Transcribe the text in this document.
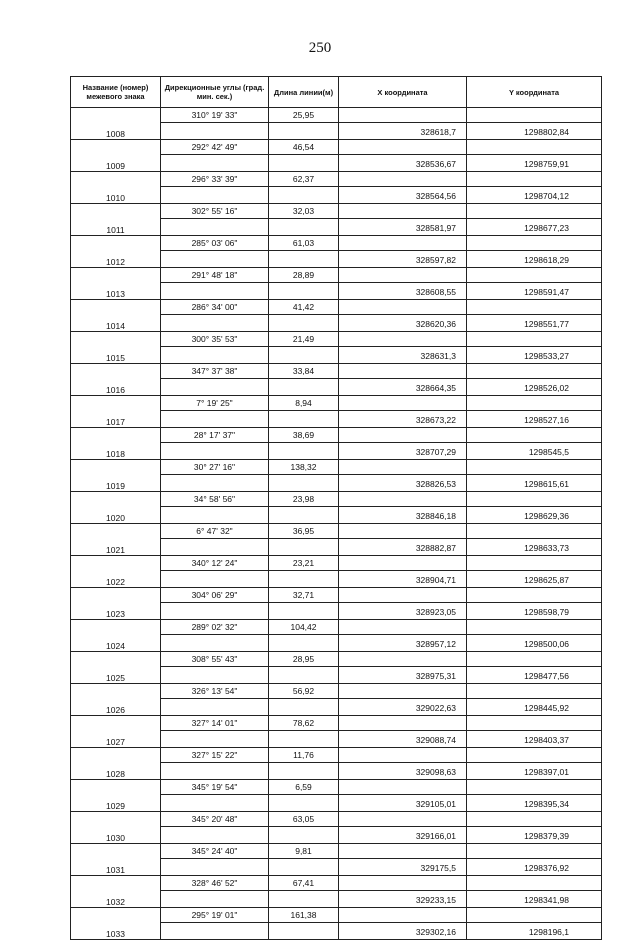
250
Название (номер) межевого знака	Дирекционные углы (град. мин. сек.)	Длина линии(м)	X координата	Y координата
1008	310° 19' 33"	25,95		
			328618,7	1298802,84
1009	292° 42' 49"	46,54		
			328536,67	1298759,91
1010	296° 33' 39"	62,37		
			328564,56	1298704,12
1011	302° 55' 16"	32,03		
			328581,97	1298677,23
1012	285° 03' 06"	61,03		
			328597,82	1298618,29
1013	291° 48' 18"	28,89		
			328608,55	1298591,47
1014	286° 34' 00"	41,42		
			328620,36	1298551,77
1015	300° 35' 53"	21,49		
			328631,3	1298533,27
1016	347° 37' 38"	33,84		
			328664,35	1298526,02
1017	7° 19' 25"	8,94		
			328673,22	1298527,16
1018	28° 17' 37"	38,69		
			328707,29	1298545,5
1019	30° 27' 16"	138,32		
			328826,53	1298615,61
1020	34° 58' 56"	23,98		
			328846,18	1298629,36
1021	6° 47' 32"	36,95		
			328882,87	1298633,73
1022	340° 12' 24"	23,21		
			328904,71	1298625,87
1023	304° 06' 29"	32,71		
			328923,05	1298598,79
1024	289° 02' 32"	104,42		
			328957,12	1298500,06
1025	308° 55' 43"	28,95		
			328975,31	1298477,56
1026	326° 13' 54"	56,92		
			329022,63	1298445,92
1027	327° 14' 01"	78,62		
			329088,74	1298403,37
1028	327° 15' 22"	11,76		
			329098,63	1298397,01
1029	345° 19' 54"	6,59		
			329105,01	1298395,34
1030	345° 20' 48"	63,05		
			329166,01	1298379,39
1031	345° 24' 40"	9,81		
			329175,5	1298376,92
1032	328° 46' 52"	67,41		
			329233,15	1298341,98
1033	295° 19' 01"	161,38		
			329302,16	1298196,1
